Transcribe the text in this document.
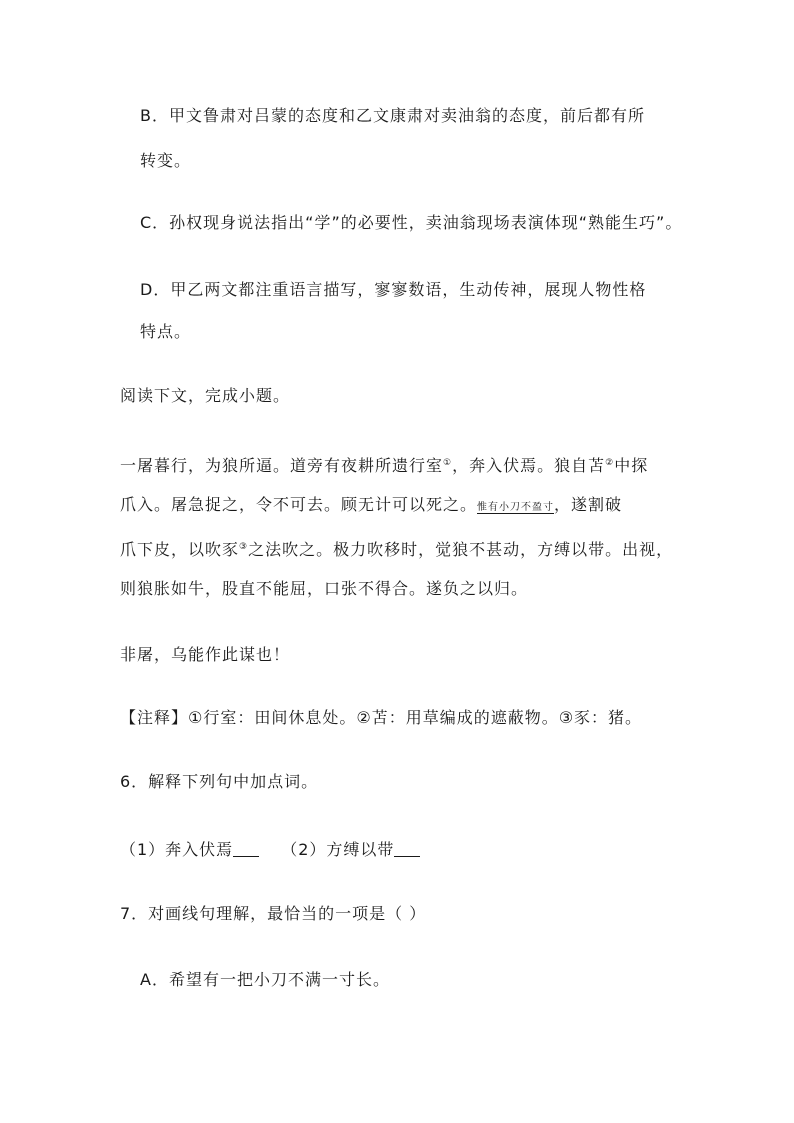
B．甲文鲁肃对吕蒙的态度和乙文康肃对卖油翁的态度，前后都有所
转变。
C．孙权现身说法指出“学”的必要性，卖油翁现场表演体现“熟能生巧”。
D．甲乙两文都注重语言描写，寥寥数语，生动传神，展现人物性格
特点。
阅读下文，完成小题。
一屠暮行，为狼所逼。道旁有夜耕所遗行室①，奔入伏焉。狼自苫②中探
爪入。屠急捉之，令不可去。顾无计可以死之。惟有小刀不盈寸，遂割破
爪下皮，以吹豕③之法吹之。极力吹移时，觉狼不甚动，方缚以带。出视，
则狼胀如牛，股直不能屈，口张不得合。遂负之以归。
非屠，乌能作此谋也！
【注释】①行室：田间休息处。②苫：用草编成的遮蔽物。③豕：猪。
6．解释下列句中加点词。
（1）奔入伏焉	（2）方缚以带
7．对画线句理解，最恰当的一项是（ ）
A．希望有一把小刀不满一寸长。
